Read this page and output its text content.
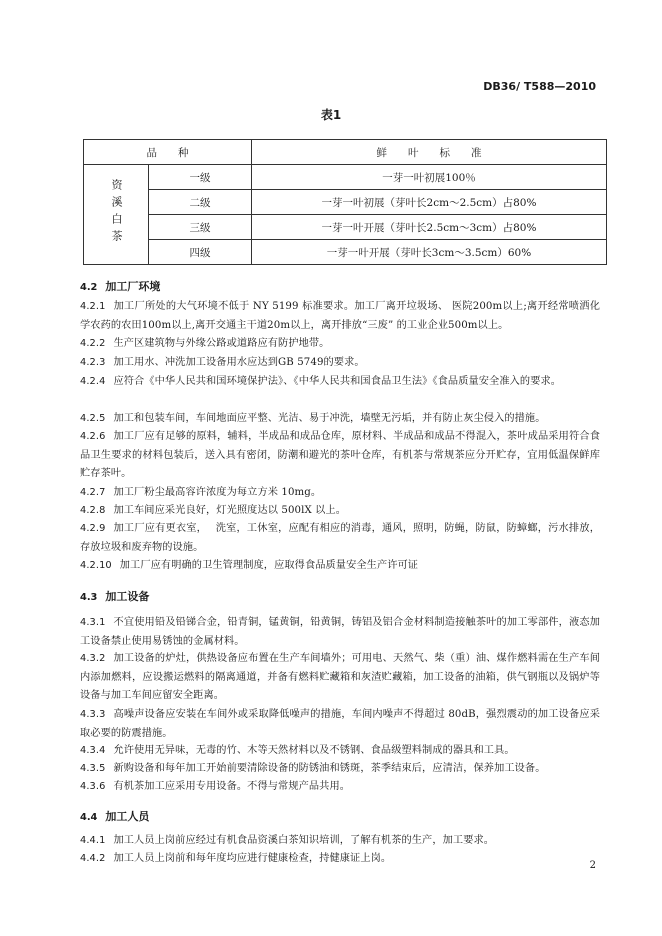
DB36/ T588—2010
表1
品　　种		鲜　　叶　　标　　准
资溪白茶	一级	一芽一叶初展100％
	二级	一芽一叶初展（芽叶长2cm～2.5cm）占80%
	三级	一芽一叶开展（芽叶长2.5cm～3cm）占80%
	四级	一芽一叶开展（芽叶长3cm～3.5cm）60%
4.2 加工厂环境
4.2.1 加工厂所处的大气环境不低于 NY 5199 标准要求。加工厂离开垃圾场、 医院200m以上;离开经常喷洒化学农药的农田100m以上,离开交通主干道20m以上，离开排放“三废” 的工业企业500m以上。
4.2.2 生产区建筑物与外缘公路或道路应有防护地带。
4.2.3 加工用水、冲洗加工设备用水应达到GB 5749的要求。
4.2.4 应符合《中华人民共和国环境保护法》、《中华人民共和国食品卫生法》《食品质量安全准入的要求。
4.2.5 加工和包装车间，车间地面应平整、光洁、易于冲洗，墙壁无污垢，并有防止灰尘侵入的措施。
4.2.6 加工厂应有足够的原料，辅料，半成品和成品仓库，原材料、半成品和成品不得混入，茶叶成品采用符合食品卫生要求的材料包装后，送入具有密闭，防潮和避光的茶叶仓库，有机茶与常规茶应分开贮存，宜用低温保鲜库贮存茶叶。
4.2.7 加工厂粉尘最高容许浓度为每立方米 10mg。
4.2.8 加工车间应采光良好，灯光照度达以 500lX 以上。
4.2.9 加工厂应有更衣室，　 洗室，工休室，应配有相应的消毒，通风，照明，防蝇，防鼠，防蟑螂，污水排放，存放垃圾和废弃物的设施。
4.2.10 加工厂应有明确的卫生管理制度，应取得食品质量安全生产许可证
4.3 加工设备
4.3.1 不宜使用铅及铅锑合金，铅青铜，锰黄铜，铅黄铜，铸铝及铝合金材料制造接触茶叶的加工零部件，液态加工设备禁止使用易锈蚀的金属材料。
4.3.2 加工设备的炉灶，供热设备应布置在生产车间墙外；可用电、天然气、柴（重）油、煤作燃料需在生产车间内添加燃料，应设搬运燃料的隔离通道，并备有燃料贮藏箱和灰渣贮藏箱，加工设备的油箱，供气钢瓶以及锅炉等设备与加工车间应留安全距离。
4.3.3 高噪声设备应安装在车间外或采取降低噪声的措施，车间内噪声不得超过 80dB，强烈震动的加工设备应采取必要的防震措施。
4.3.4 允许使用无异味，无毒的竹、木等天然材料以及不锈钢、食品级塑料制成的器具和工具。
4.3.5 新购设备和每年加工开始前要清除设备的防锈油和锈斑，茶季结束后，应清洁，保养加工设备。
4.3.6 有机茶加工应采用专用设备。不得与常规产品共用。
4.4 加工人员
4.4.1 加工人员上岗前应经过有机食品资溪白茶知识培训，了解有机茶的生产，加工要求。
4.4.2 加工人员上岗前和每年度均应进行健康检查，持健康证上岗。
2
